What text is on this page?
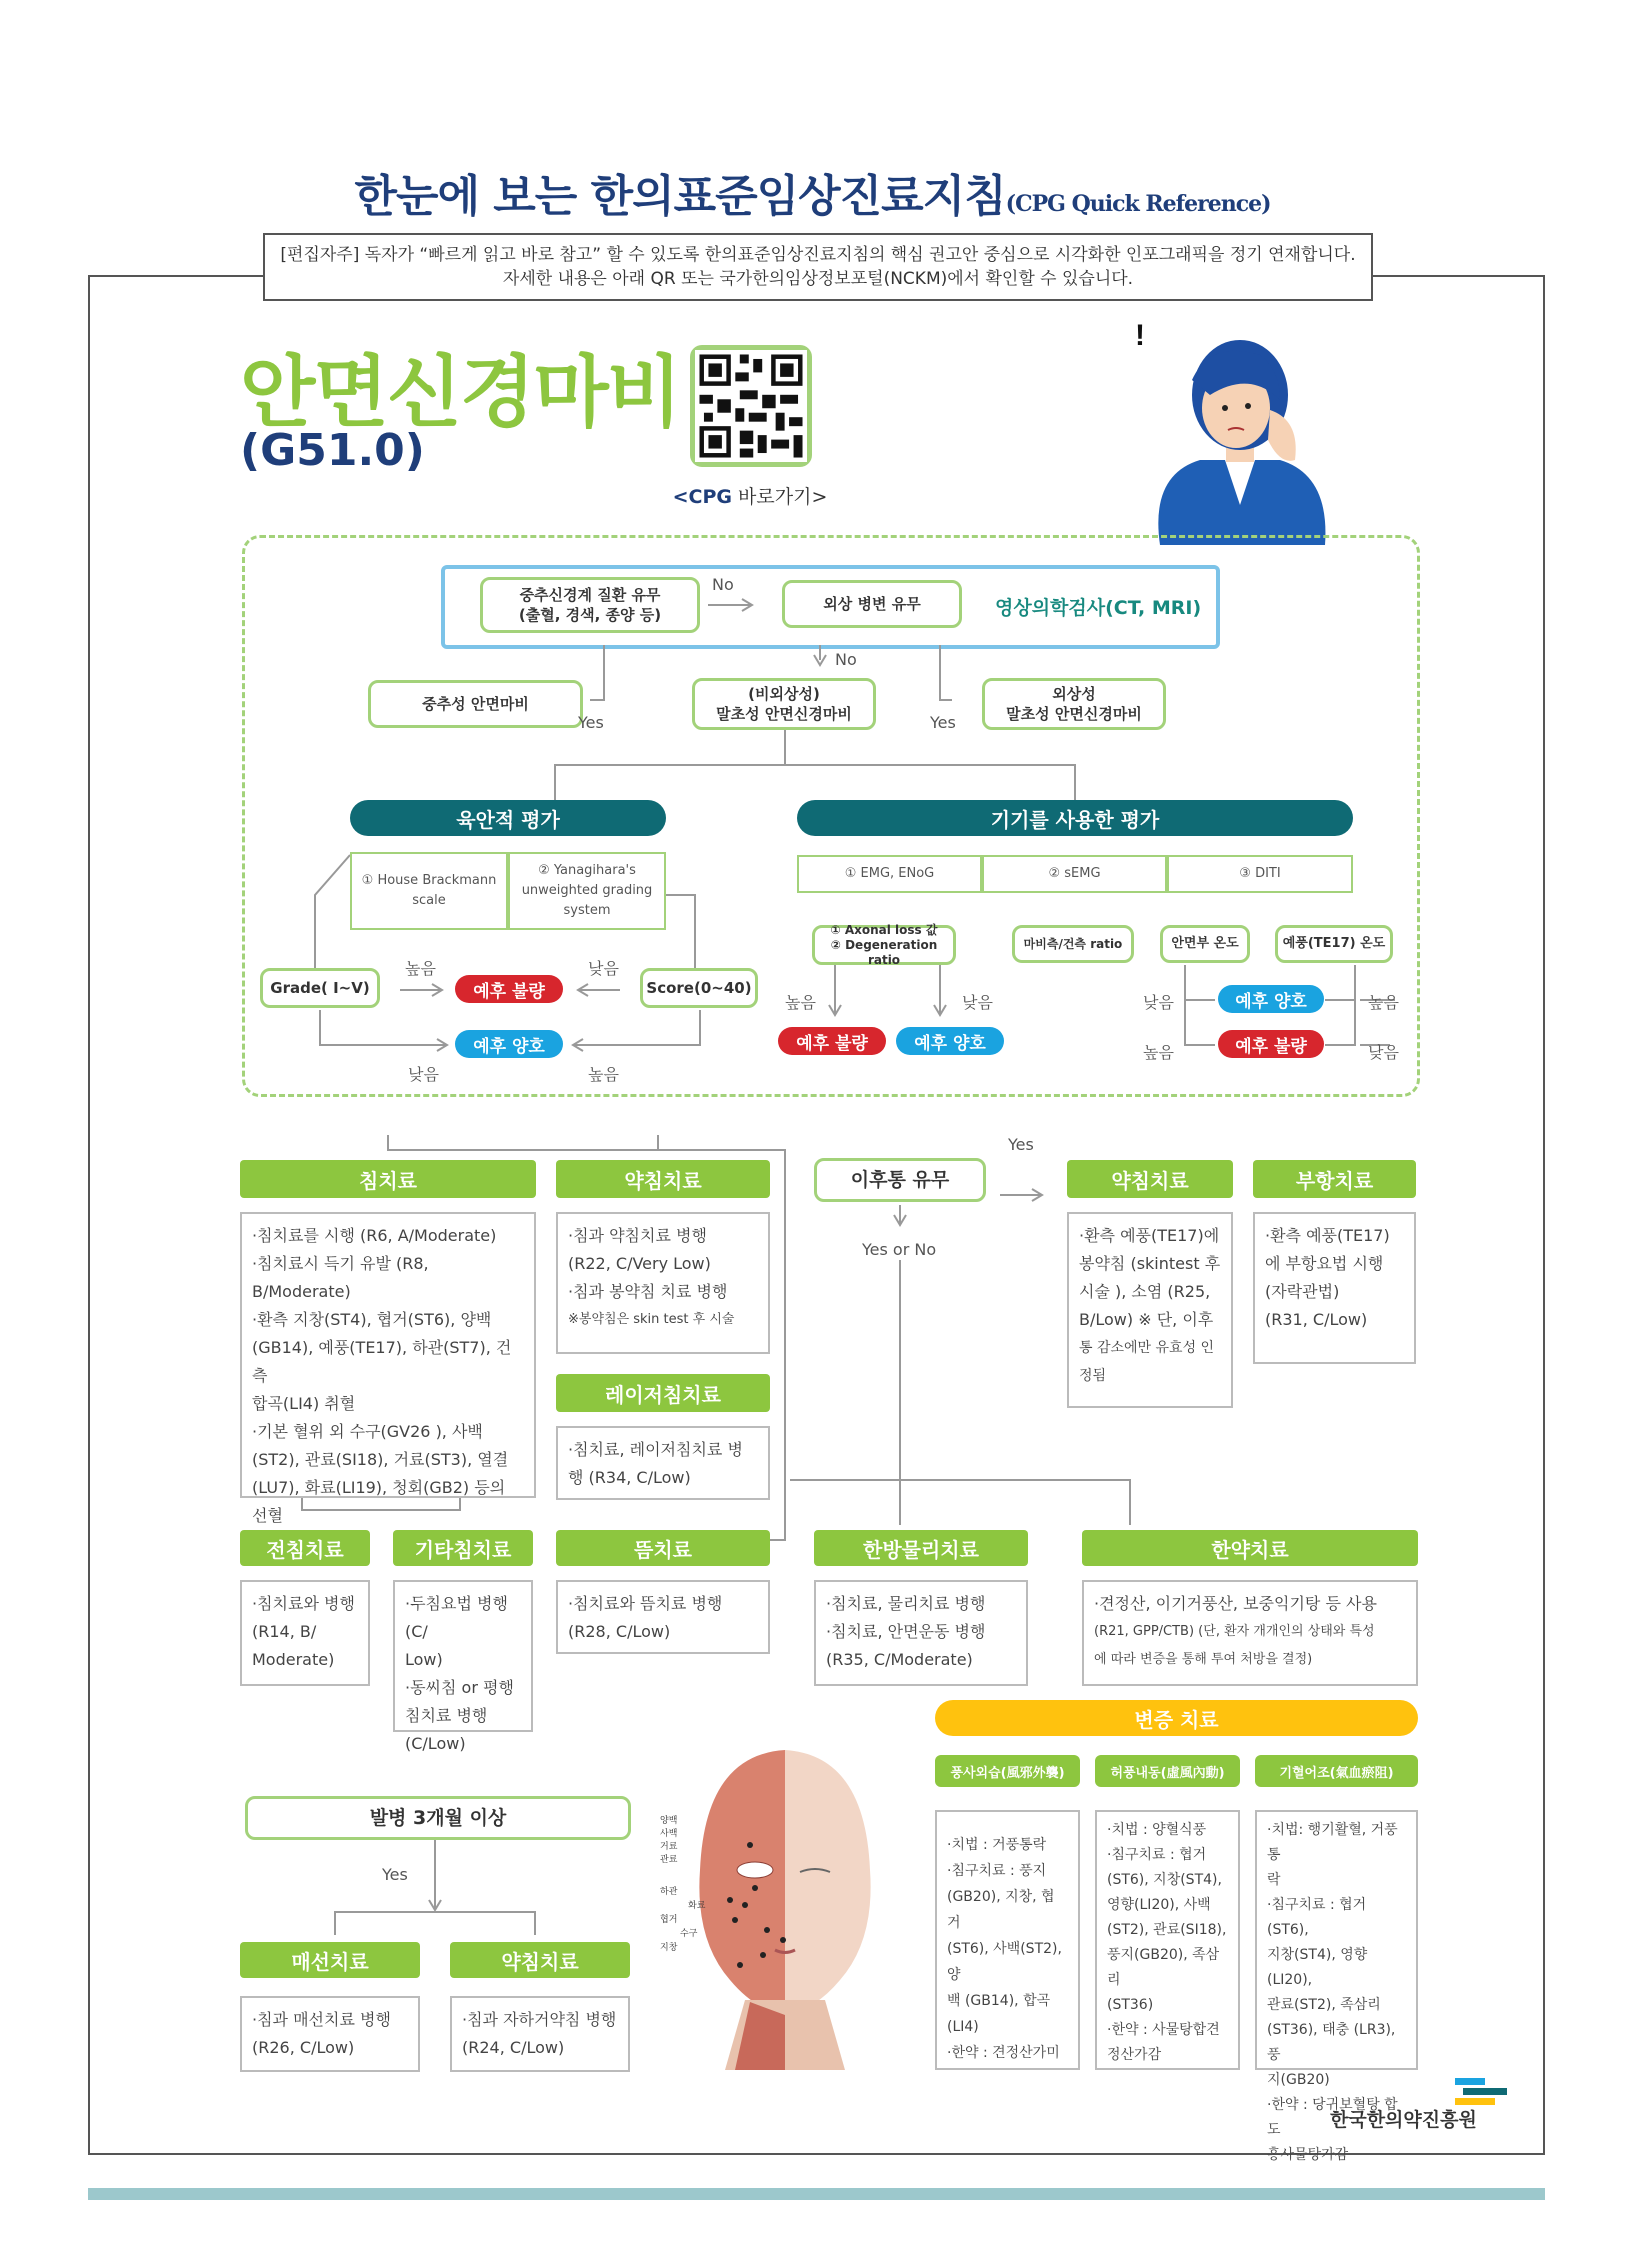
한눈에 보는 한의표준임상진료지침(CPG Quick Reference)
[편집자주] 독자가 “빠르게 읽고 바로 참고” 할 수 있도록 한의표준임상진료지침의 핵심 권고안 중심으로 시각화한 인포그래픽을 정기 연재합니다.
자세한 내용은 아래 QR 또는 국가한의임상정보포털(NCKM)에서 확인할 수 있습니다.
안면신경마비
(G51.0)
<CPG 바로가기>
!
중추신경계 질환 유무
(출혈, 경색, 종양 등)
No
외상 병변 유무	영상의학검사(CT, MRI)
No
중추성 안면마비
Yes
(비외상성)
말초성 안면신경마비	Yes
외상성
말초성 안면신경마비
육안적 평가	기기를 사용한 평가
① House Brackmann
scale
② Yanagihara's
unweighted grading
system
① EMG, ENoG	② sEMG	③ DITI
① Axonal loss 값
② Degeneration ratio
마비측/건측 ratio	안면부 온도	예풍(TE17) 온도
Grade( Ⅰ~Ⅴ)	Score(0~40)
높음	낮음
예후 불량
예후 양호
낮음	높음
높음	낮음
예후 불량	예후 양호
낮음
높음
예후 양호
예후 불량
높음
낮음
침치료

·침치료를 시행 (R6, A/Moderate)

·침치료시 득기 유발 (R8, B/Moderate)

·환측 지창(ST4), 협거(ST6), 양백

(GB14), 예풍(TE17), 하관(ST7), 건측

합곡(LI4) 취혈

·기본 혈위 외 수구(GV26 ), 사백

(ST2), 관료(SI18), 거료(ST3), 열결

(LU7), 화료(LI19), 청회(GB2) 등의

선혈

약침치료

·침과 약침치료 병행

(R22, C/Very Low)

·침과 봉약침 치료 병행

※봉약침은 skin test 후 시술

레이저침치료

·침치료, 레이저침치료 병

행 (R34, C/Low)

이후통 유무
Yes
Yes or No
약침치료

·환측 예풍(TE17)에

봉약침 (skintest 후

시술 ), 소염 (R25,

B/Low) ※ 단, 이후

통 감소에만 유효성 인

정됨

부항치료

·환측 예풍(TE17)

에 부항요법 시행

(자락관법)

(R31, C/Low)

전침치료

·침치료와 병행

(R14, B/

Moderate)

기타침치료

·두침요법 병행(C/

Low)

·동씨침 or 평행

침치료 병행

(C/Low)

뜸치료

·침치료와 뜸치료 병행

(R28, C/Low)

한방물리치료

·침치료, 물리치료 병행

·침치료, 안면운동 병행

(R35, C/Moderate)

한약치료

·견정산, 이기거풍산, 보중익기탕 등 사용

(R21, GPP/CTB) (단, 환자 개개인의 상태와 특성

에 따라 변증을 통해 투여 처방을 결정)

변증 치료
풍사외습(風邪外襲)	허풍내동(虛風內動)	기혈어조(氣血瘀阻)

·치법 : 거풍통락

·침구치료 : 풍지

(GB20), 지창, 협거

(ST6), 사백(ST2), 양

백 (GB14), 합곡(LI4)

·한약 : 견정산가미

·치법 : 양혈식풍

·침구치료 : 협거

(ST6), 지창(ST4),

영향(LI20), 사백

(ST2), 관료(SI18),

풍지(GB20), 족삼리

(ST36)

·한약 : 사물탕합견

정산가감

·치법: 행기활혈, 거풍통

락

·침구치료 : 협거(ST6),

지창(ST4), 영향(LI20),

관료(ST2), 족삼리

(ST36), 태충 (LR3), 풍

지(GB20)

·한약 : 당귀보혈탕 합도

홍사물탕가감

발병 3개월 이상
Yes
매선치료

·침과 매선치료 병행

(R26, C/Low)

약침치료

·침과 자하거약침 병행

(R24, C/Low)

양백
사백
거료
관료
하관
화료
협거
수구
지창
한국한의약진흥원
